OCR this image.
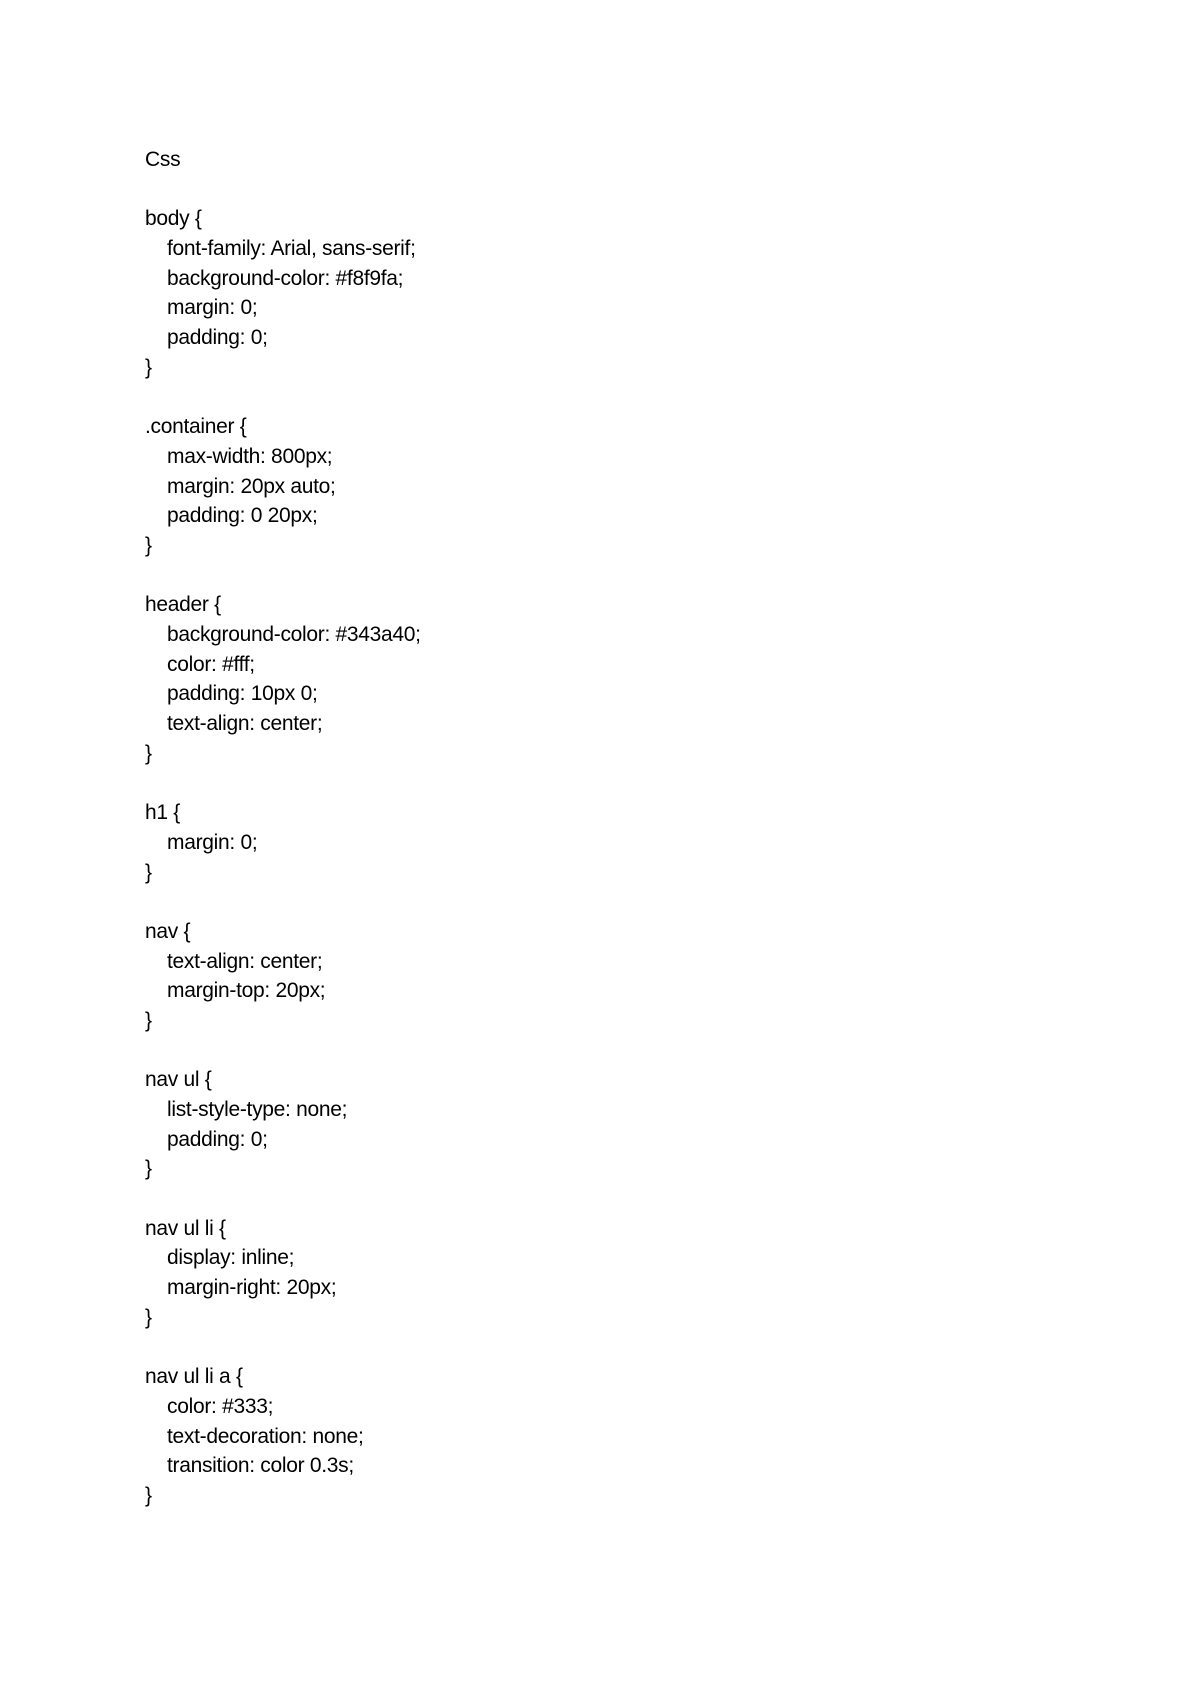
Css
body {
font-family: Arial, sans-serif;
background-color: #f8f9fa;
margin: 0;
padding: 0;
}
.container {
max-width: 800px;
margin: 20px auto;
padding: 0 20px;
}
header {
background-color: #343a40;
color: #fff;
padding: 10px 0;
text-align: center;
}
h1 {
margin: 0;
}
nav {
text-align: center;
margin-top: 20px;
}
nav ul {
list-style-type: none;
padding: 0;
}
nav ul li {
display: inline;
margin-right: 20px;
}
nav ul li a {
color: #333;
text-decoration: none;
transition: color 0.3s;
}
